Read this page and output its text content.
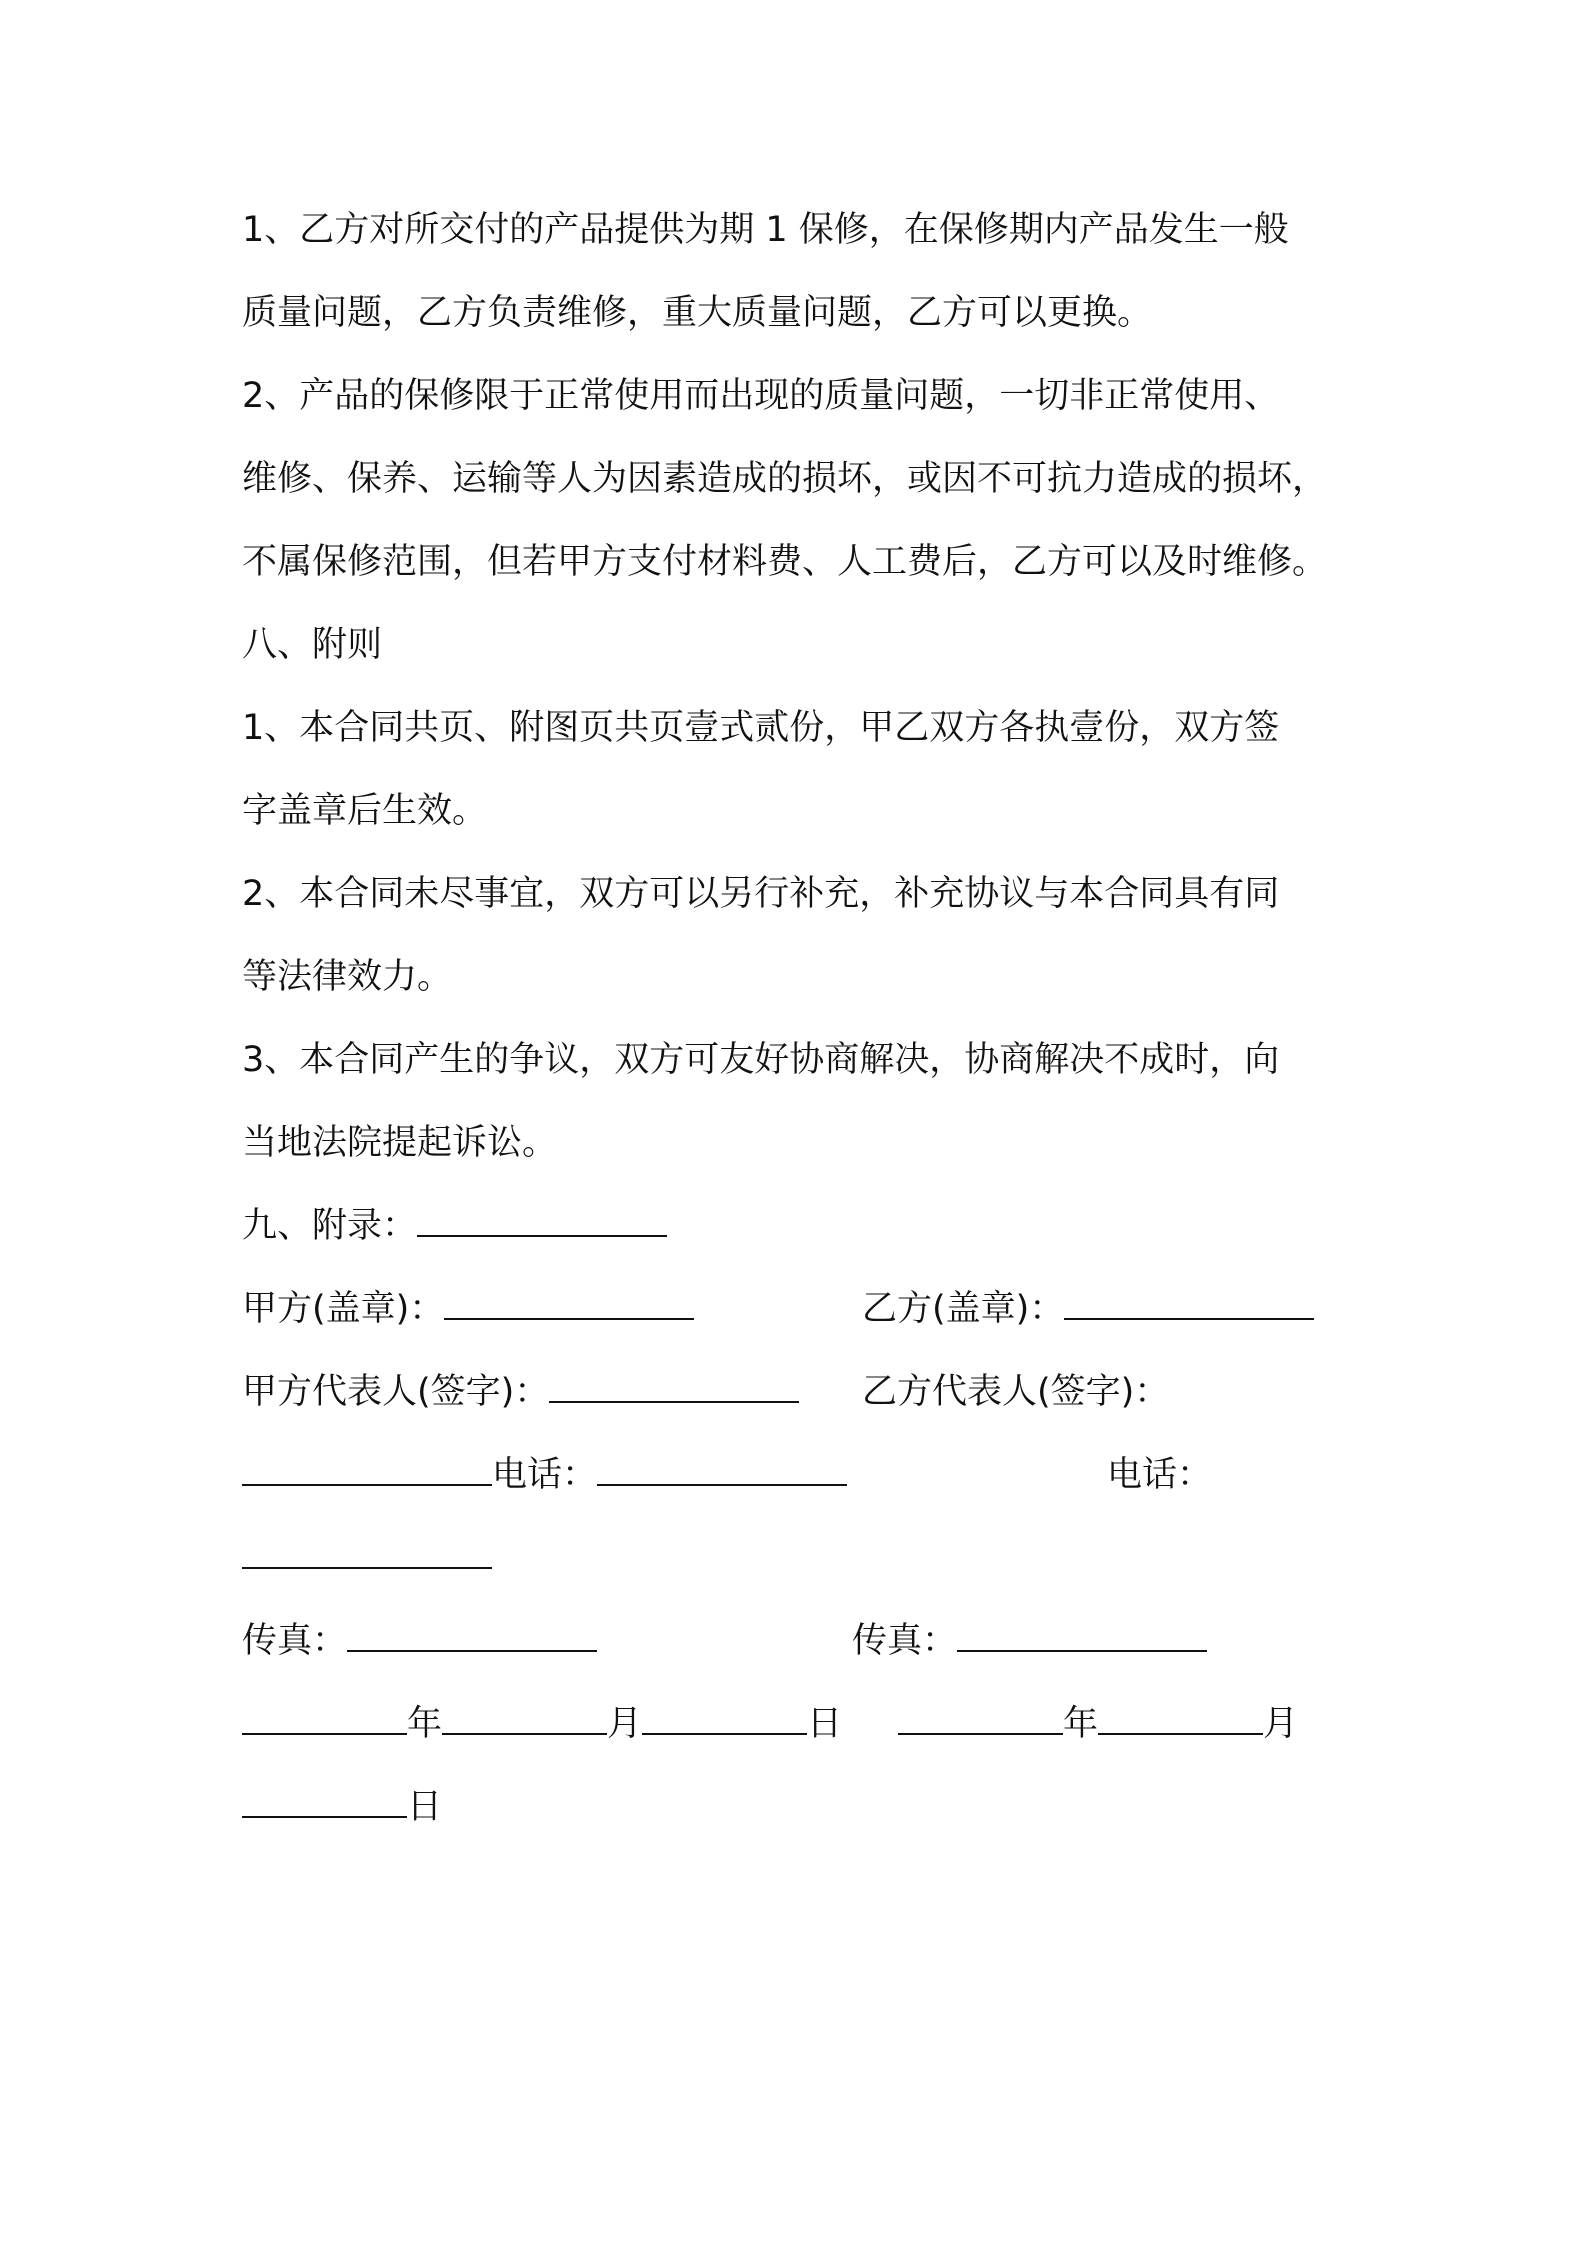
1、乙方对所交付的产品提供为期 1 保修，在保修期内产品发生一般
质量问题，乙方负责维修，重大质量问题，乙方可以更换。
2、产品的保修限于正常使用而出现的质量问题，一切非正常使用、
维修、保养、运输等人为因素造成的损坏，或因不可抗力造成的损坏，
不属保修范围，但若甲方支付材料费、人工费后，乙方可以及时维修。
八、附则
1、本合同共页、附图页共页壹式贰份，甲乙双方各执壹份，双方签
字盖章后生效。
2、本合同未尽事宜，双方可以另行补充，补充协议与本合同具有同
等法律效力。
3、本合同产生的争议，双方可友好协商解决，协商解决不成时，向
当地法院提起诉讼。
九、附录：
甲方(盖章)：	乙方(盖章)：
甲方代表人(签字)：	乙方代表人(签字)：
电话：	电话：
传真：	传真：
年	月	日	年	月
日
